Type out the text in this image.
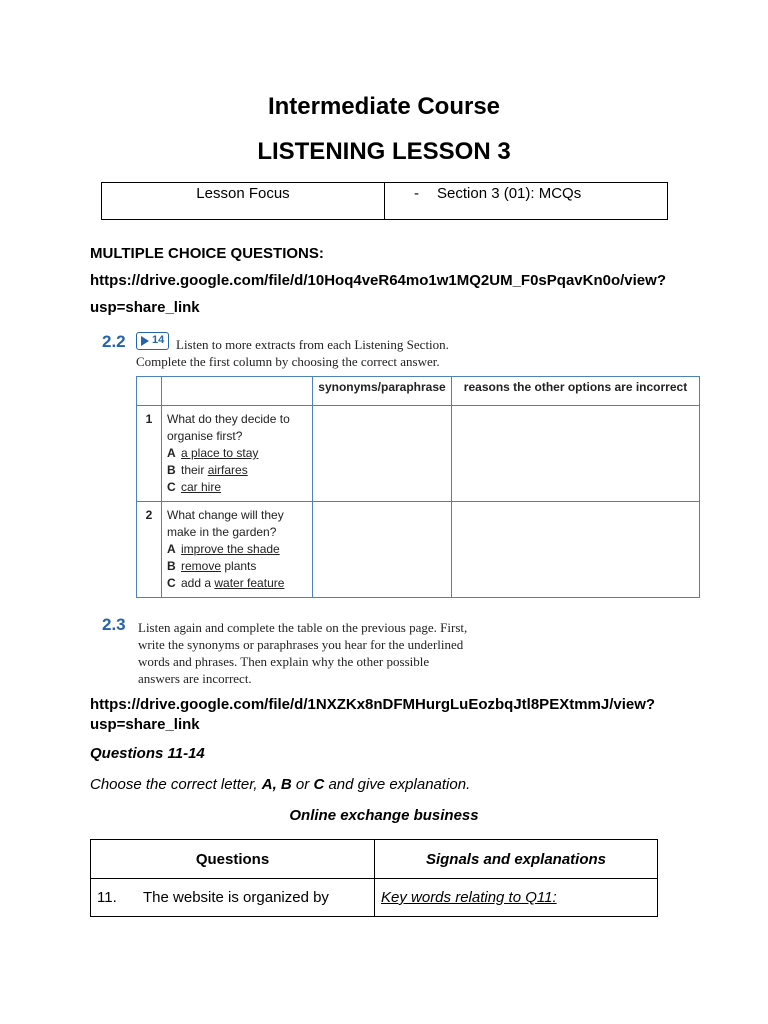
Intermediate Course
LISTENING LESSON 3
Lesson Focus	- Section 3 (01): MCQs
MULTIPLE CHOICE QUESTIONS:
https://drive.google.com/file/d/10Hoq4veR64mo1w1MQ2UM_F0sPqavKn0o/view?
usp=share_link
2.2 14 Listen to more extracts from each Listening Section.
Complete the first column by choosing the correct answer.
		synonyms/paraphrase	reasons the other options are incorrect
1	What do they decide to
organise first?
A a place to stay
B their airfares
C car hire		

2	What change will they
make in the garden?
A improve the shade
B remove plants
C add a water feature		

2.3 Listen again and complete the table on the previous page. First,
write the synonyms or paraphrases you hear for the underlined
words and phrases. Then explain why the other possible
answers are incorrect.
https://drive.google.com/file/d/1NXZKx8nDFMHurgLuEozbqJtl8PEXtmmJ/view?
usp=share_link
Questions 11-14
Choose the correct letter, A, B or C and give explanation.
Online exchange business
Questions	Signals and explanations
11. The website is organized by	Key words relating to Q11:
